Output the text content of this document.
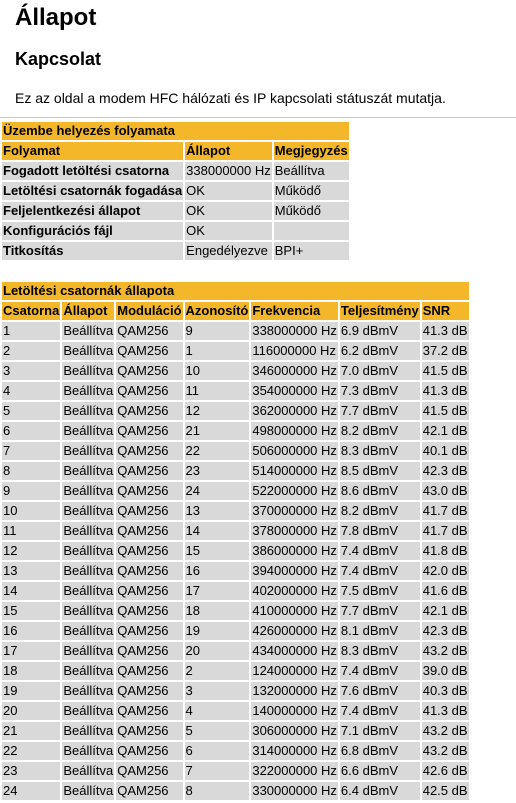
Állapot
Kapcsolat

Ez az oldal a modem HFC hálózati és IP kapcsolati státuszát mutatja.

Üzembe helyezés folyamata		
Folyamat	Állapot	Megjegyzés
Fogadott letöltési csatorna	338000000 Hz	Beállítva
Letöltési csatornák fogadása	OK	Működő
Feljelentkezési állapot	OK	Működő
Konfigurációs fájl	OK	
Titkosítás	Engedélyezve	BPI+
Letöltési csatornák állapota						
Csatorna	Állapot	Moduláció	Azonosító	Frekvencia	Teljesítmény	SNR
1	Beállítva	QAM256	9	338000000 Hz	6.9 dBmV	41.3 dB
2	Beállítva	QAM256	1	116000000 Hz	6.2 dBmV	37.2 dB
3	Beállítva	QAM256	10	346000000 Hz	7.0 dBmV	41.5 dB
4	Beállítva	QAM256	11	354000000 Hz	7.3 dBmV	41.3 dB
5	Beállítva	QAM256	12	362000000 Hz	7.7 dBmV	41.5 dB
6	Beállítva	QAM256	21	498000000 Hz	8.2 dBmV	42.1 dB
7	Beállítva	QAM256	22	506000000 Hz	8.3 dBmV	40.1 dB
8	Beállítva	QAM256	23	514000000 Hz	8.5 dBmV	42.3 dB
9	Beállítva	QAM256	24	522000000 Hz	8.6 dBmV	43.0 dB
10	Beállítva	QAM256	13	370000000 Hz	8.2 dBmV	41.7 dB
11	Beállítva	QAM256	14	378000000 Hz	7.8 dBmV	41.7 dB
12	Beállítva	QAM256	15	386000000 Hz	7.4 dBmV	41.8 dB
13	Beállítva	QAM256	16	394000000 Hz	7.4 dBmV	42.0 dB
14	Beállítva	QAM256	17	402000000 Hz	7.5 dBmV	41.6 dB
15	Beállítva	QAM256	18	410000000 Hz	7.7 dBmV	42.1 dB
16	Beállítva	QAM256	19	426000000 Hz	8.1 dBmV	42.3 dB
17	Beállítva	QAM256	20	434000000 Hz	8.3 dBmV	43.2 dB
18	Beállítva	QAM256	2	124000000 Hz	7.4 dBmV	39.0 dB
19	Beállítva	QAM256	3	132000000 Hz	7.6 dBmV	40.3 dB
20	Beállítva	QAM256	4	140000000 Hz	7.4 dBmV	41.3 dB
21	Beállítva	QAM256	5	306000000 Hz	7.1 dBmV	43.2 dB
22	Beállítva	QAM256	6	314000000 Hz	6.8 dBmV	43.2 dB
23	Beállítva	QAM256	7	322000000 Hz	6.6 dBmV	42.6 dB
24	Beállítva	QAM256	8	330000000 Hz	6.4 dBmV	42.5 dB
